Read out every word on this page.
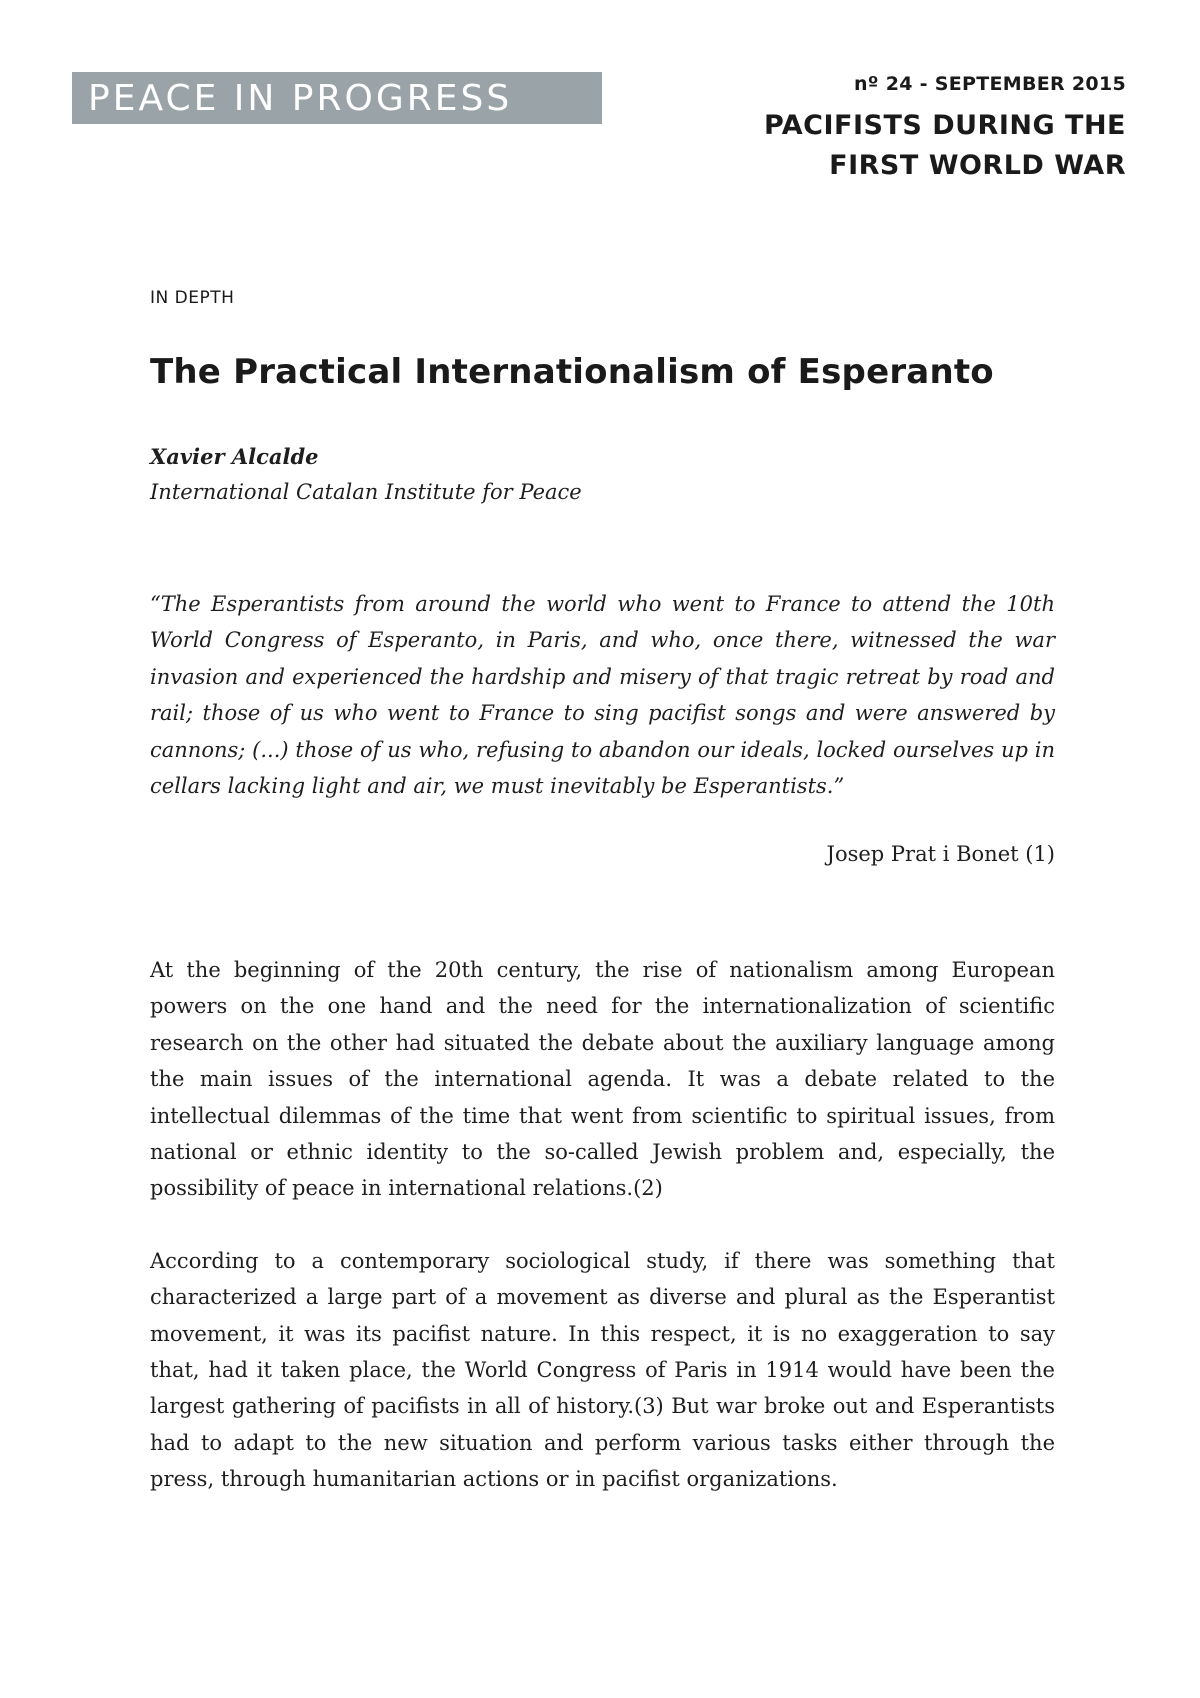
PEACE IN PROGRESS	nº 24 - SEPTEMBER 2015
PACIFISTS DURING THE
FIRST WORLD WAR
IN DEPTH
The Practical Internationalism of Esperanto
Xavier Alcalde
International Catalan Institute for Peace

“The Esperantists from around the world who went to France to attend the 10th World Congress of Esperanto, in Paris, and who, once there, witnessed the war invasion and experienced the hardship and misery of that tragic retreat by road and rail; those of us who went to France to sing pacifist songs and were answered by cannons; (...) those of us who, refusing to abandon our ideals, locked ourselves up in cellars lacking light and air, we must inevitably be Esperantists.”

Josep Prat i Bonet (1)

At the beginning of the 20th century, the rise of nationalism among European powers on the one hand and the need for the internationalization of scientific research on the other had situated the debate about the auxiliary language among the main issues of the international agenda. It was a debate related to the intellectual dilemmas of the time that went from scientific to spiritual issues, from national or ethnic identity to the so-called Jewish problem and, especially, the possibility of peace in international relations.(2)

According to a contemporary sociological study, if there was something that characterized a large part of a movement as diverse and plural as the Esperantist movement, it was its pacifist nature. In this respect, it is no exaggeration to say that, had it taken place, the World Congress of Paris in 1914 would have been the largest gathering of pacifists in all of history.(3) But war broke out and Esperantists had to adapt to the new situation and perform various tasks either through the press, through humanitarian actions or in pacifist organizations.
